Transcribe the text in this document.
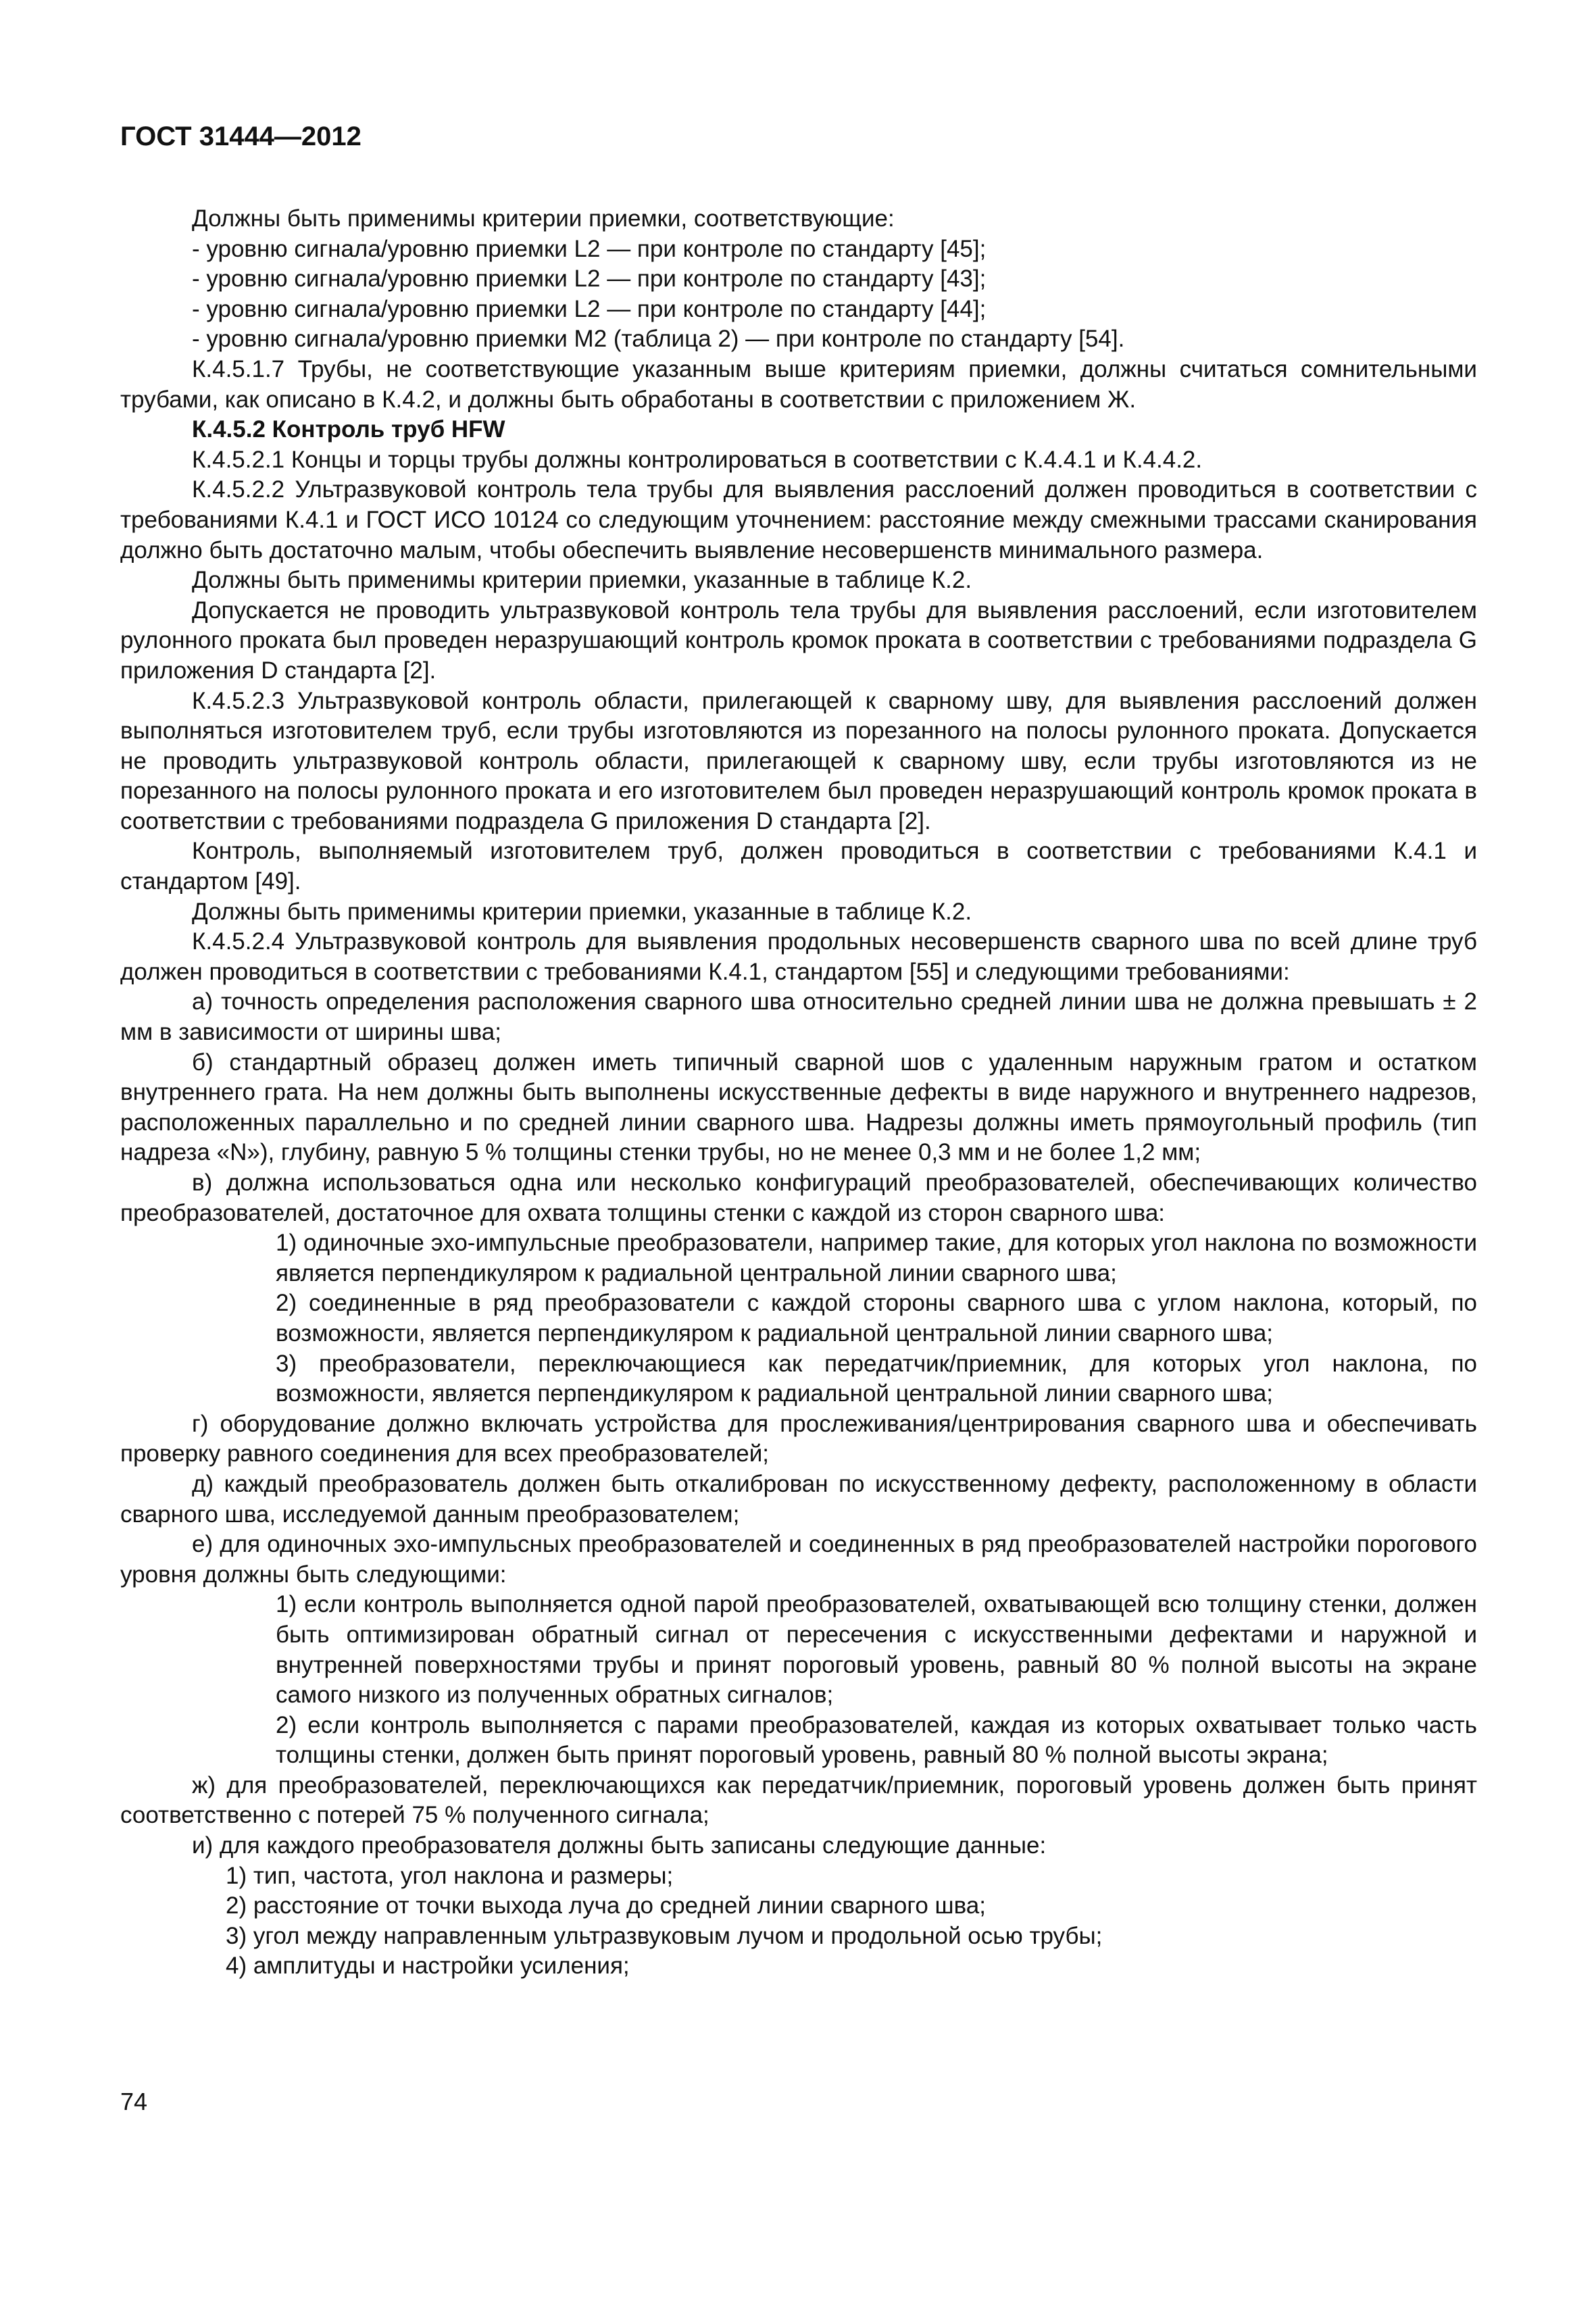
ГОСТ 31444—2012

Должны быть применимы критерии приемки, соответствующие:

- уровню сигнала/уровню приемки L2 — при контроле по стандарту [45];

- уровню сигнала/уровню приемки L2 — при контроле по стандарту [43];

- уровню сигнала/уровню приемки L2 — при контроле по стандарту [44];

- уровню сигнала/уровню приемки M2 (таблица 2) — при контроле по стандарту [54].

К.4.5.1.7 Трубы, не соответствующие указанным выше критериям приемки, должны считаться сомнительными трубами, как описано в К.4.2, и должны быть обработаны в соответствии с приложением Ж.

К.4.5.2 Контроль труб HFW

К.4.5.2.1 Концы и торцы трубы должны контролироваться в соответствии с К.4.4.1 и К.4.4.2.

К.4.5.2.2 Ультразвуковой контроль тела трубы для выявления расслоений должен проводиться в соответствии с требованиями К.4.1 и ГОСТ ИСО 10124 со следующим уточнением: расстояние между смежными трассами сканирования должно быть достаточно малым, чтобы обеспечить выявление несовершенств минимального размера.

Должны быть применимы критерии приемки, указанные в таблице К.2.

Допускается не проводить ультразвуковой контроль тела трубы для выявления расслоений, если изготовителем рулонного проката был проведен неразрушающий контроль кромок проката в соответствии с требованиями подраздела G приложения D стандарта [2].

К.4.5.2.3 Ультразвуковой контроль области, прилегающей к сварному шву, для выявления расслоений должен выполняться изготовителем труб, если трубы изготовляются из порезанного на полосы рулонного проката. Допускается не проводить ультразвуковой контроль области, прилегающей к сварному шву, если трубы изготовляются из не порезанного на полосы рулонного проката и его изготовителем был проведен неразрушающий контроль кромок проката в соответствии с требованиями подраздела G приложения D стандарта [2].

Контроль, выполняемый изготовителем труб, должен проводиться в соответствии с требованиями К.4.1 и стандартом [49].

Должны быть применимы критерии приемки, указанные в таблице К.2.

К.4.5.2.4 Ультразвуковой контроль для выявления продольных несовершенств сварного шва по всей длине труб должен проводиться в соответствии с требованиями К.4.1, стандартом [55] и следующими требованиями:

а) точность определения расположения сварного шва относительно средней линии шва не должна превышать ± 2 мм в зависимости от ширины шва;

б) стандартный образец должен иметь типичный сварной шов с удаленным наружным гратом и остатком внутреннего грата. На нем должны быть выполнены искусственные дефекты в виде наружного и внутреннего надрезов, расположенных параллельно и по средней линии сварного шва. Надрезы должны иметь прямоугольный профиль (тип надреза «N»), глубину, равную 5 % толщины стенки трубы, но не менее 0,3 мм и не более 1,2 мм;

в) должна использоваться одна или несколько конфигураций преобразователей, обеспечивающих количество преобразователей, достаточное для охвата толщины стенки с каждой из сторон сварного шва:

1) одиночные эхо-импульсные преобразователи, например такие, для которых угол наклона по возможности является перпендикуляром к радиальной центральной линии сварного шва;

2) соединенные в ряд преобразователи с каждой стороны сварного шва с углом наклона, который, по возможности, является перпендикуляром к радиальной центральной линии сварного шва;

3) преобразователи, переключающиеся как передатчик/приемник, для которых угол наклона, по возможности, является перпендикуляром к радиальной центральной линии сварного шва;

г) оборудование должно включать устройства для прослеживания/центрирования сварного шва и обеспечивать проверку равного соединения для всех преобразователей;

д) каждый преобразователь должен быть откалиброван по искусственному дефекту, расположенному в области сварного шва, исследуемой данным преобразователем;

е) для одиночных эхо-импульсных преобразователей и соединенных в ряд преобразователей настройки порогового уровня должны быть следующими:

1) если контроль выполняется одной парой преобразователей, охватывающей всю толщину стенки, должен быть оптимизирован обратный сигнал от пересечения с искусственными дефектами и наружной и внутренней поверхностями трубы и принят пороговый уровень, равный 80 % полной высоты на экране самого низкого из полученных обратных сигналов;

2) если контроль выполняется с парами преобразователей, каждая из которых охватывает только часть толщины стенки, должен быть принят пороговый уровень, равный 80 % полной высоты экрана;

ж) для преобразователей, переключающихся как передатчик/приемник, пороговый уровень должен быть принят соответственно с потерей 75 % полученного сигнала;

и) для каждого преобразователя должны быть записаны следующие данные:

1) тип, частота, угол наклона и размеры;

2) расстояние от точки выхода луча до средней линии сварного шва;

3) угол между направленным ультразвуковым лучом и продольной осью трубы;

4) амплитуды и настройки усиления;

74
